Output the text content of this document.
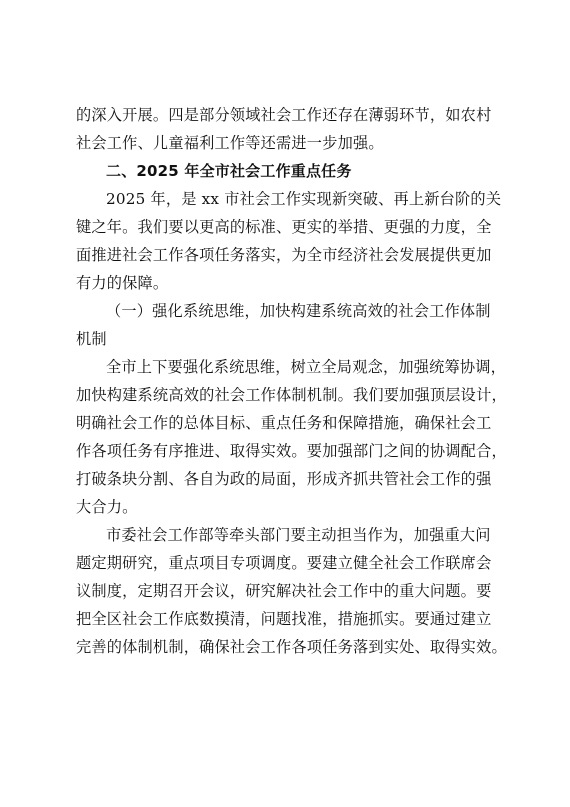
的深入开展。四是部分领域社会工作还存在薄弱环节，如农村
社会工作、儿童福利工作等还需进一步加强。
二、2025 年全市社会工作重点任务
2025 年，是 xx 市社会工作实现新突破、再上新台阶的关
键之年。我们要以更高的标准、更实的举措、更强的力度，全
面推进社会工作各项任务落实，为全市经济社会发展提供更加
有力的保障。
（一）强化系统思维，加快构建系统高效的社会工作体制
机制
全市上下要强化系统思维，树立全局观念，加强统筹协调，
加快构建系统高效的社会工作体制机制。我们要加强顶层设计，
明确社会工作的总体目标、重点任务和保障措施，确保社会工
作各项任务有序推进、取得实效。要加强部门之间的协调配合，
打破条块分割、各自为政的局面，形成齐抓共管社会工作的强
大合力。
市委社会工作部等牵头部门要主动担当作为，加强重大问
题定期研究，重点项目专项调度。要建立健全社会工作联席会
议制度，定期召开会议，研究解决社会工作中的重大问题。要
把全区社会工作底数摸清，问题找准，措施抓实。要通过建立
完善的体制机制，确保社会工作各项任务落到实处、取得实效。
